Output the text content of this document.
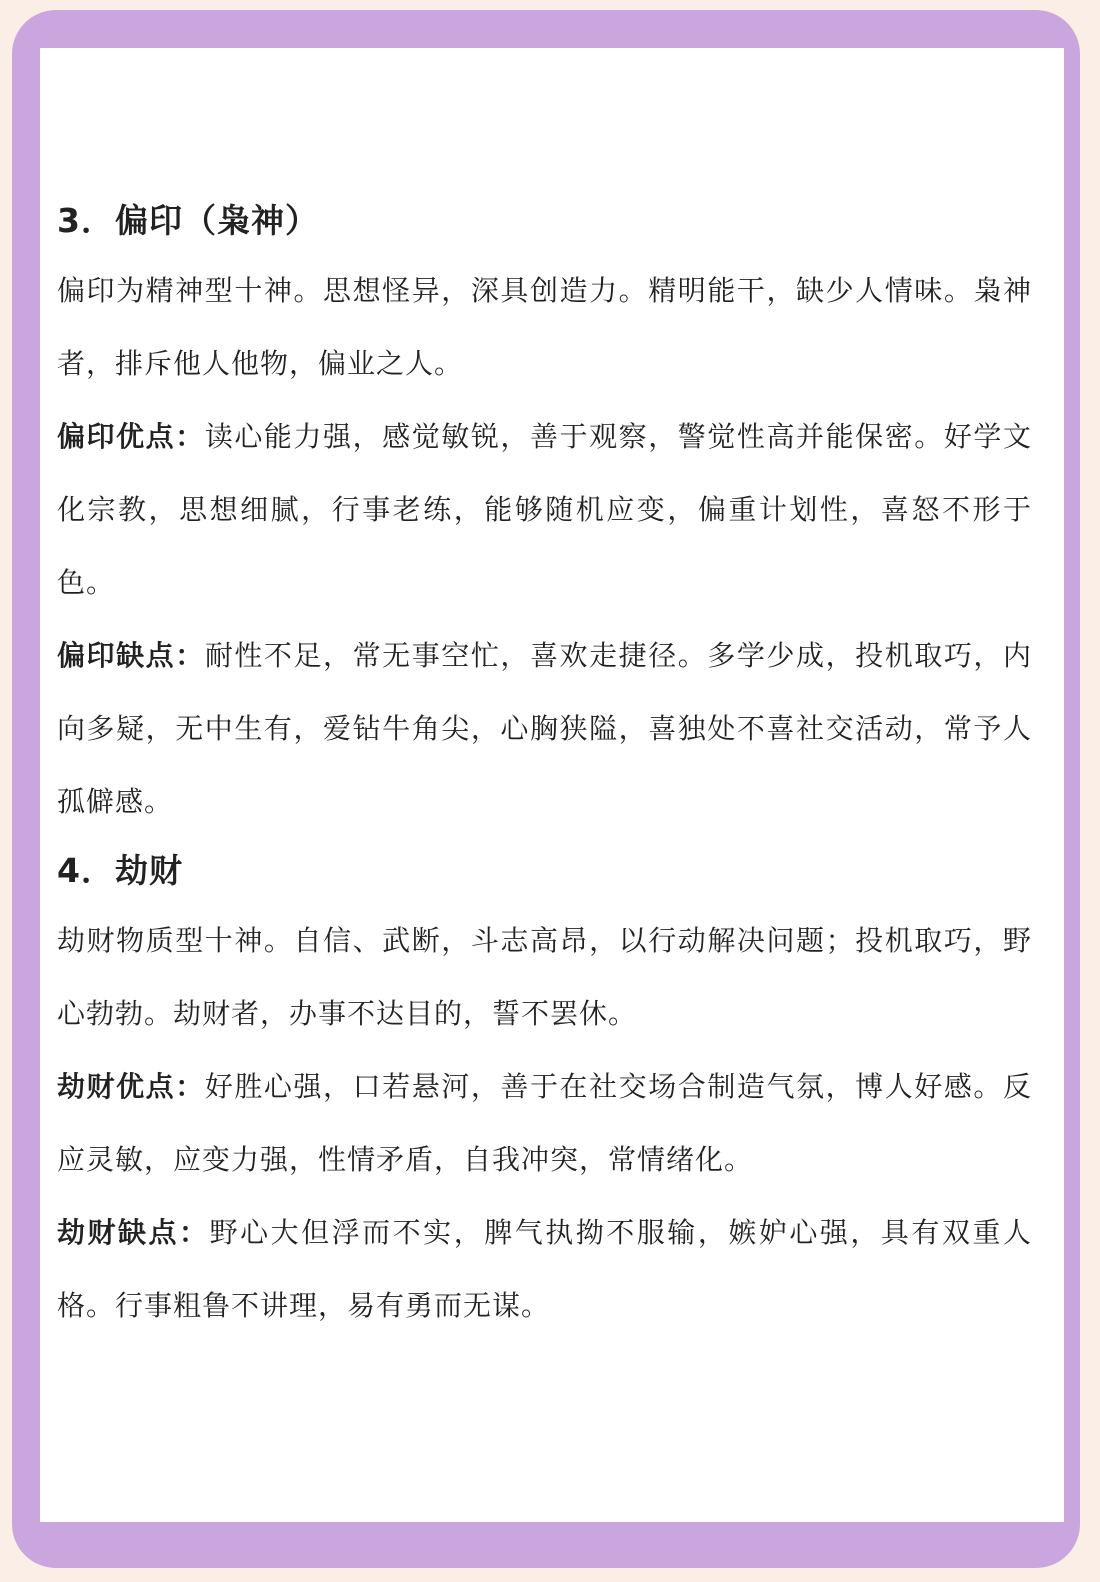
3．偏印（枭神）

偏印为精神型十神。思想怪异，深具创造力。精明能干，缺少人情味。枭神者，排斥他人他物，偏业之人。

偏印优点：读心能力强，感觉敏锐，善于观察，警觉性高并能保密。好学文化宗教，思想细腻，行事老练，能够随机应变，偏重计划性，喜怒不形于色。

偏印缺点：耐性不足，常无事空忙，喜欢走捷径。多学少成，投机取巧，内向多疑，无中生有，爱钻牛角尖，心胸狭隘，喜独处不喜社交活动，常予人孤僻感。

4．劫财

劫财物质型十神。自信、武断，斗志高昂，以行动解决问题；投机取巧，野心勃勃。劫财者，办事不达目的，誓不罢休。

劫财优点：好胜心强，口若悬河，善于在社交场合制造气氛，博人好感。反应灵敏，应变力强，性情矛盾，自我冲突，常情绪化。

劫财缺点：野心大但浮而不实，脾气执拗不服输，嫉妒心强，具有双重人格。行事粗鲁不讲理，易有勇而无谋。
